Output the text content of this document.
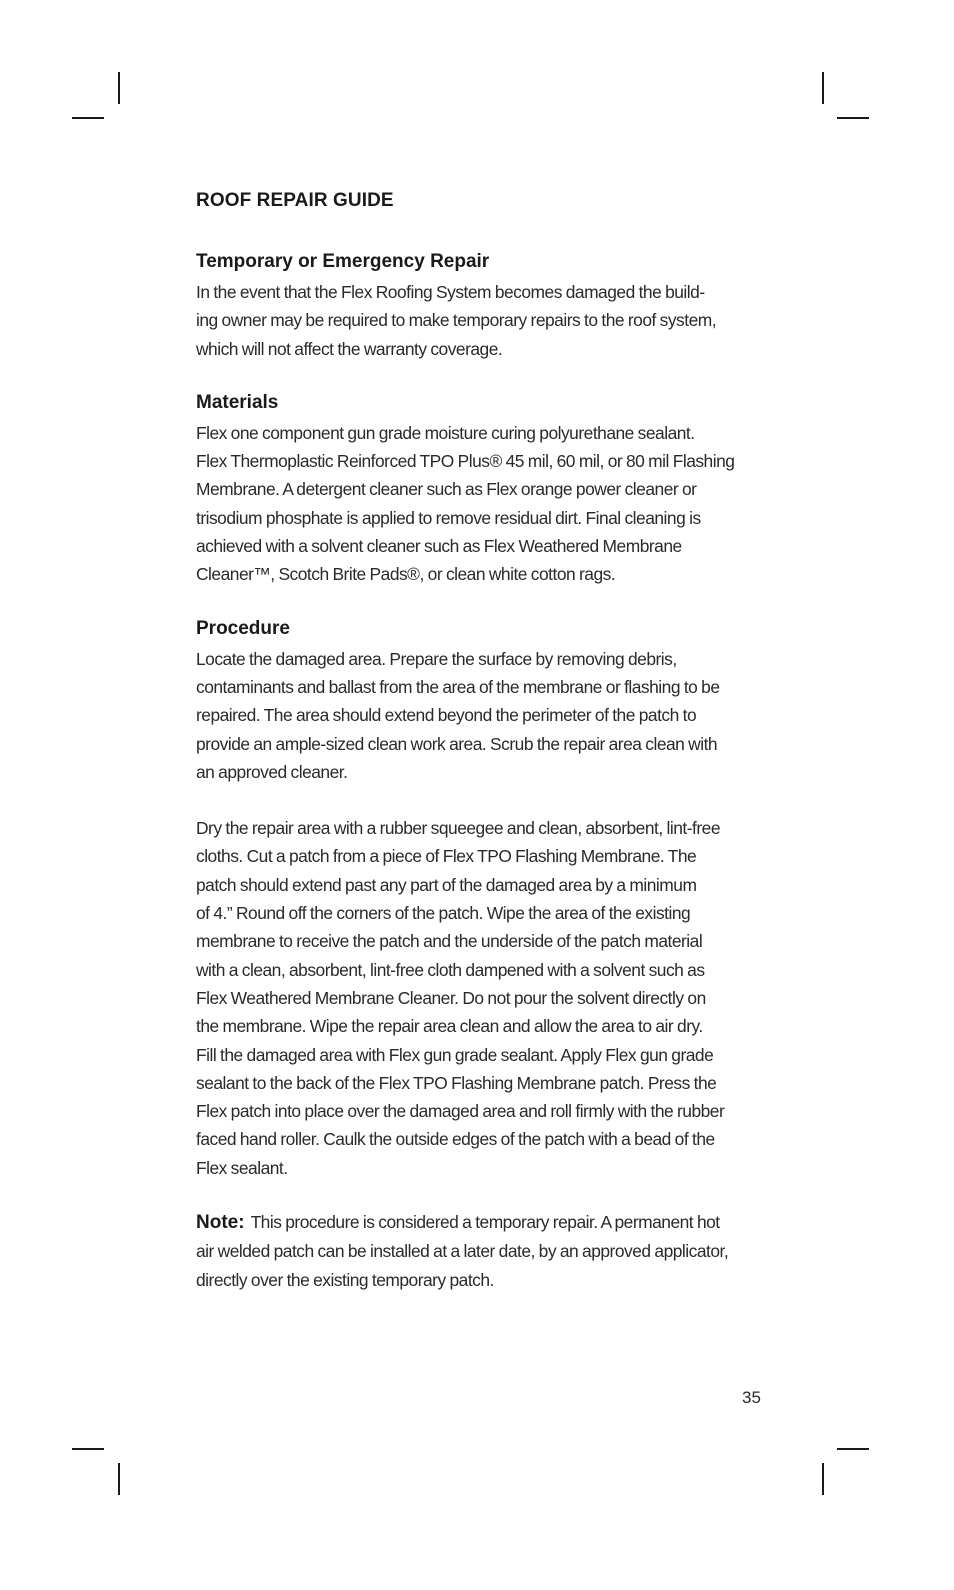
ROOF REPAIR GUIDE
Temporary or Emergency Repair

In the event that the Flex Roofing System becomes damaged the build-
ing owner may be required to make temporary repairs to the roof system,
which will not affect the warranty coverage.

Materials

Flex one component gun grade moisture curing polyurethane sealant.
Flex Thermoplastic Reinforced TPO Plus® 45 mil, 60 mil, or 80 mil Flashing
Membrane. A detergent cleaner such as Flex orange power cleaner or
trisodium phosphate is applied to remove residual dirt. Final cleaning is
achieved with a solvent cleaner such as Flex Weathered Membrane
Cleaner™, Scotch Brite Pads®, or clean white cotton rags.

Procedure

Locate the damaged area. Prepare the surface by removing debris,
contaminants and ballast from the area of the membrane or flashing to be
repaired. The area should extend beyond the perimeter of the patch to
provide an ample-sized clean work area. Scrub the repair area clean with
an approved cleaner.

Dry the repair area with a rubber squeegee and clean, absorbent, lint-free
cloths. Cut a patch from a piece of Flex TPO Flashing Membrane. The
patch should extend past any part of the damaged area by a minimum
of 4.” Round off the corners of the patch. Wipe the area of the existing
membrane to receive the patch and the underside of the patch material
with a clean, absorbent, lint-free cloth dampened with a solvent such as
Flex Weathered Membrane Cleaner. Do not pour the solvent directly on
the membrane. Wipe the repair area clean and allow the area to air dry.
Fill the damaged area with Flex gun grade sealant. Apply Flex gun grade
sealant to the back of the Flex TPO Flashing Membrane patch. Press the
Flex patch into place over the damaged area and roll firmly with the rubber
faced hand roller. Caulk the outside edges of the patch with a bead of the
Flex sealant.

Note: This procedure is considered a temporary repair. A permanent hot
air welded patch can be installed at a later date, by an approved applicator,
directly over the existing temporary patch.

35
